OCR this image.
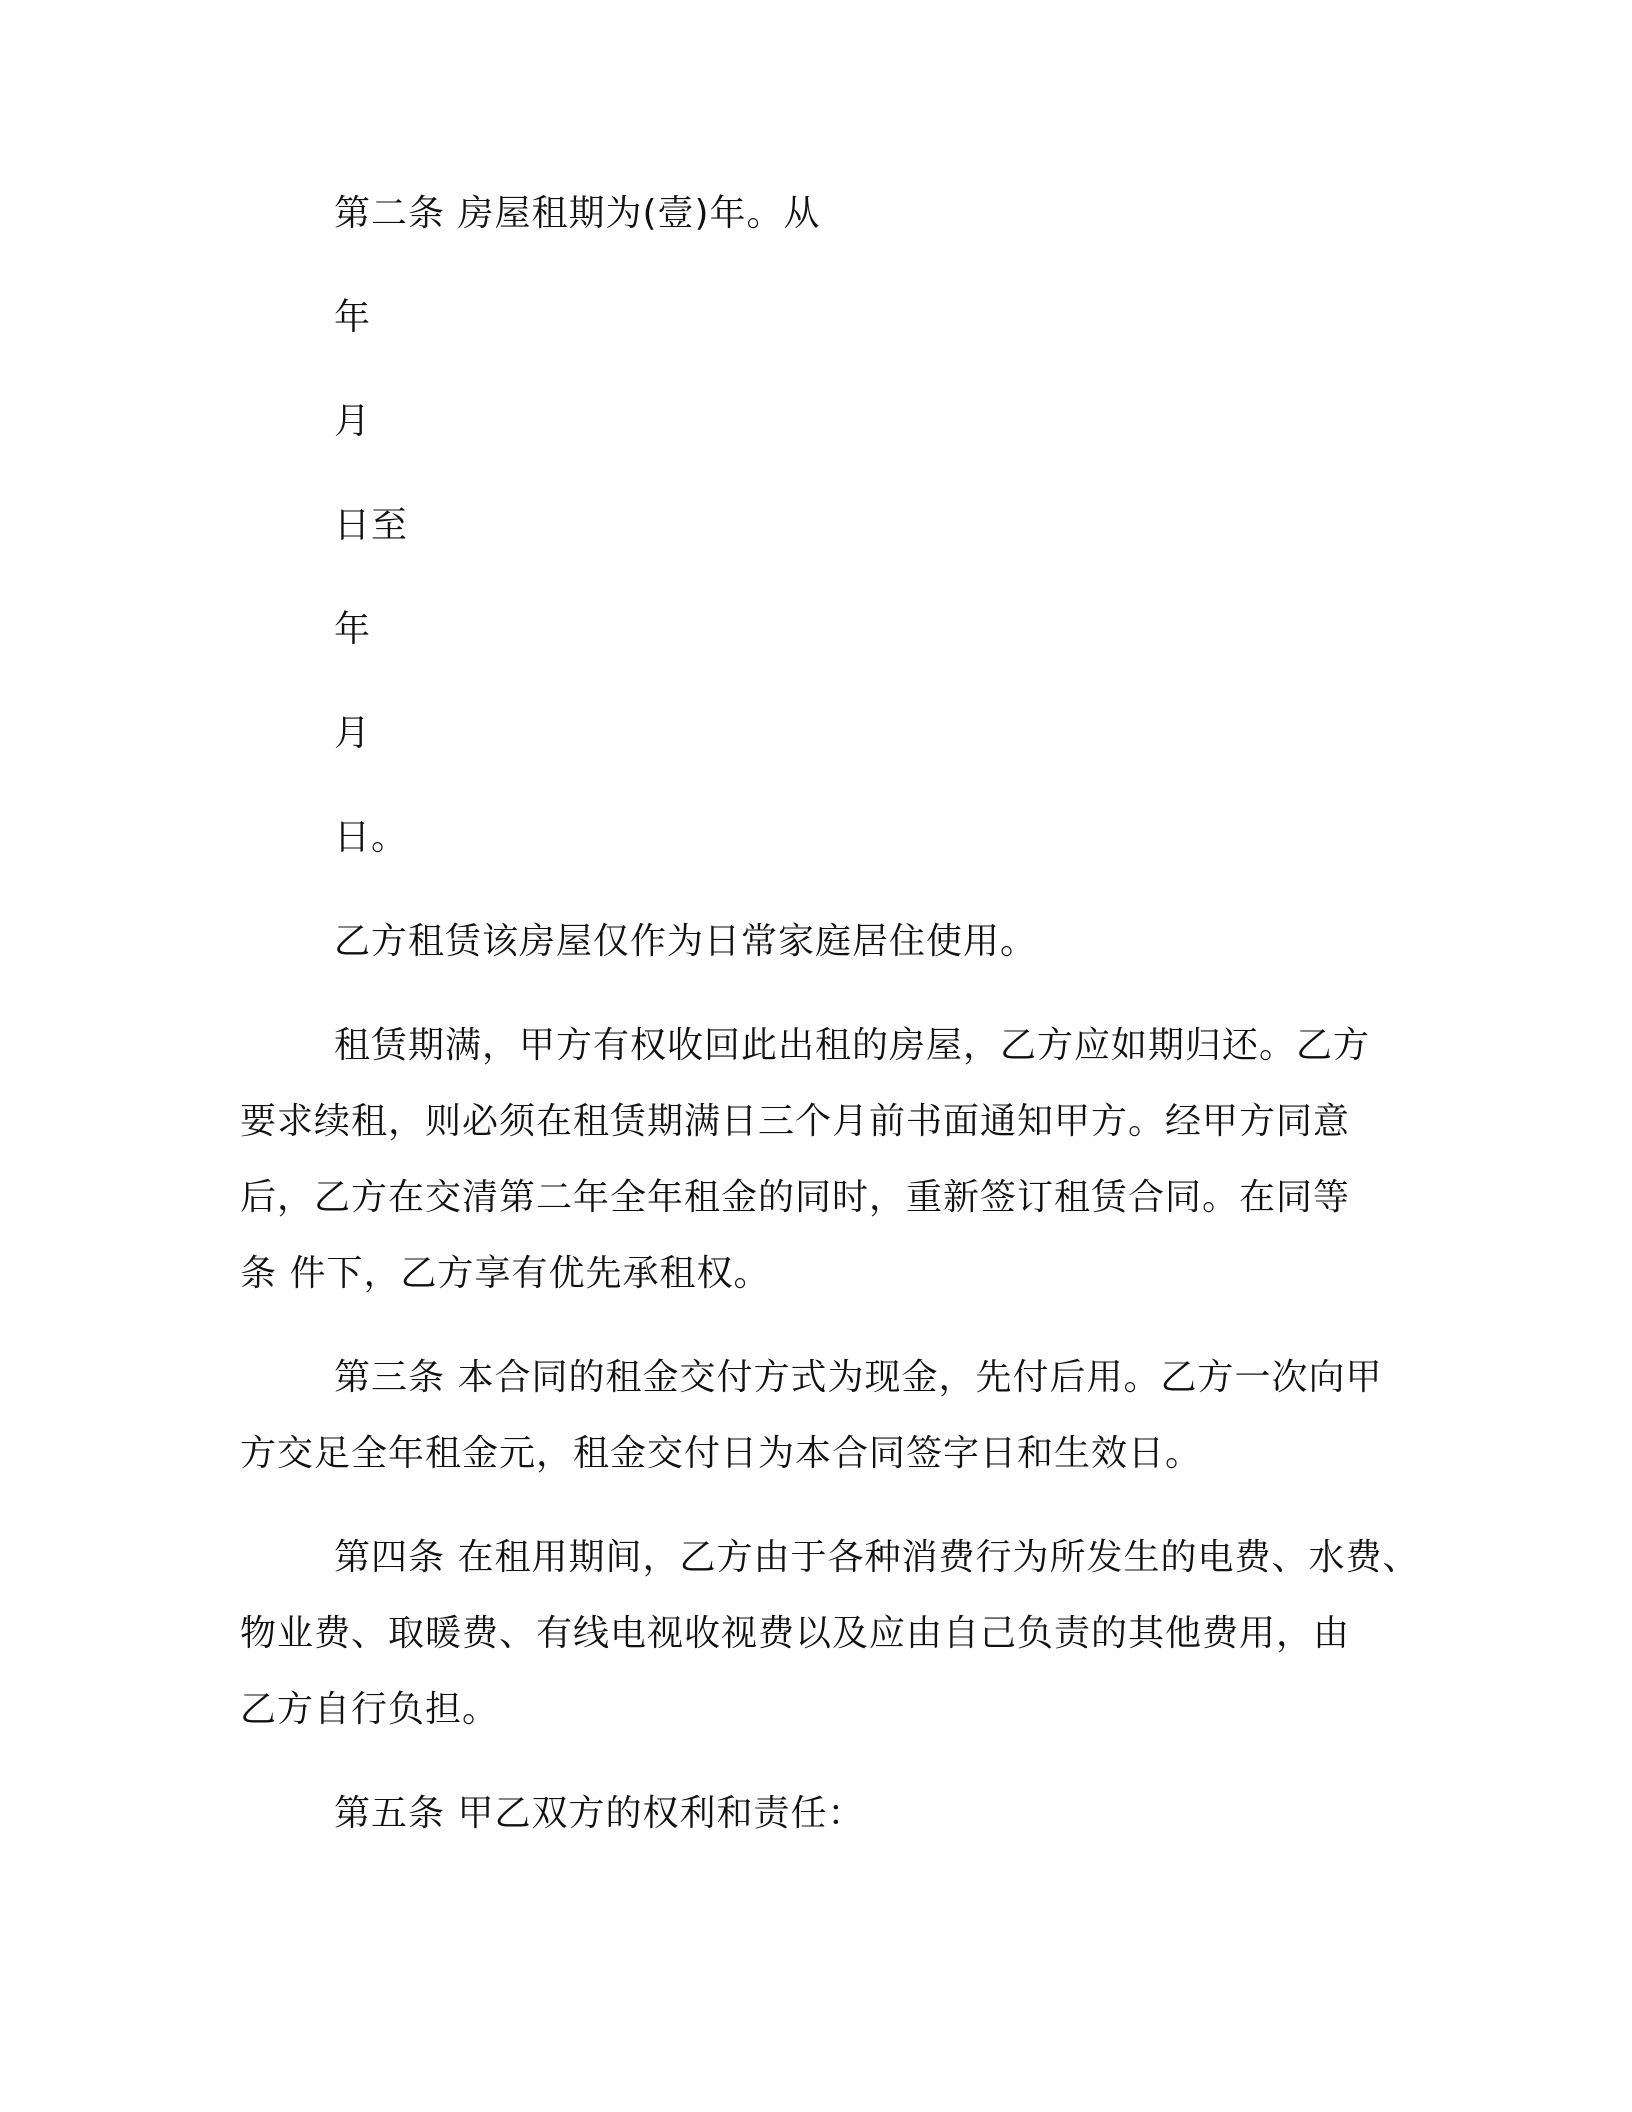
第二条 房屋租期为(壹)年。从

年

月

日至

年

月

日。

乙方租赁该房屋仅作为日常家庭居住使用。

租赁期满，甲方有权收回此出租的房屋，乙方应如期归还。乙方

要求续租，则必须在租赁期满日三个月前书面通知甲方。经甲方同意

后，乙方在交清第二年全年租金的同时，重新签订租赁合同。在同等

条 件下，乙方享有优先承租权。

第三条 本合同的租金交付方式为现金，先付后用。乙方一次向甲

方交足全年租金元，租金交付日为本合同签字日和生效日。

第四条 在租用期间，乙方由于各种消费行为所发生的电费、水费、

物业费、取暖费、有线电视收视费以及应由自己负责的其他费用，由

乙方自行负担。

第五条 甲乙双方的权利和责任：
